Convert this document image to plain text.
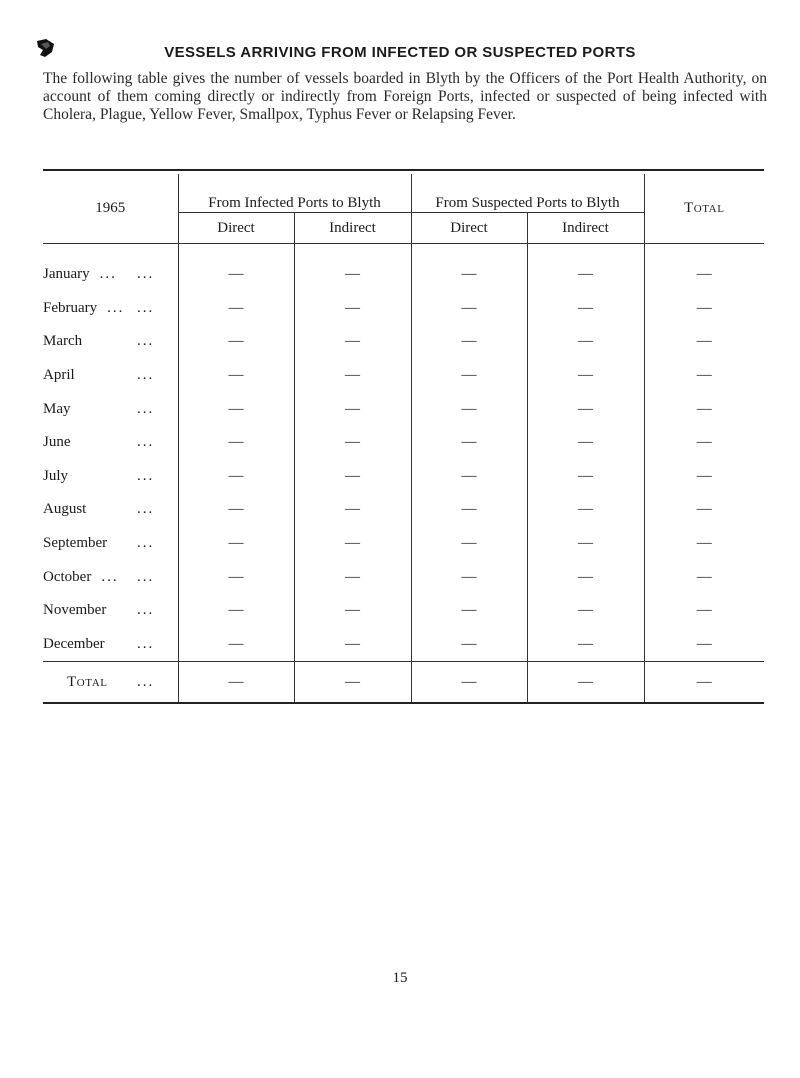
VESSELS ARRIVING FROM INFECTED OR SUSPECTED PORTS
The following table gives the number of vessels boarded in Blyth by the Officers of the Port Health Authority, on account of them coming directly or indirectly from Foreign Ports, infected or suspected of being infected with Cholera, Plague, Yellow Fever, Smallpox, Typhus Fever or Relapsing Fever.

1965	From Infected Ports to Blyth		From Suspected Ports to Blyth		Total
	Direct	Indirect	Direct	Indirect	
January ... ...	—	—	—	—	—
February ... ...	—	—	—	—	—
March ...	—	—	—	—	—
April ...	—	—	—	—	—
May ...	—	—	—	—	—
June ...	—	—	—	—	—
July ...	—	—	—	—	—
August ...	—	—	—	—	—
September ...	—	—	—	—	—
October ... ...	—	—	—	—	—
November ...	—	—	—	—	—
December ...	—	—	—	—	—
Total ...	—	—	—	—	—
15
